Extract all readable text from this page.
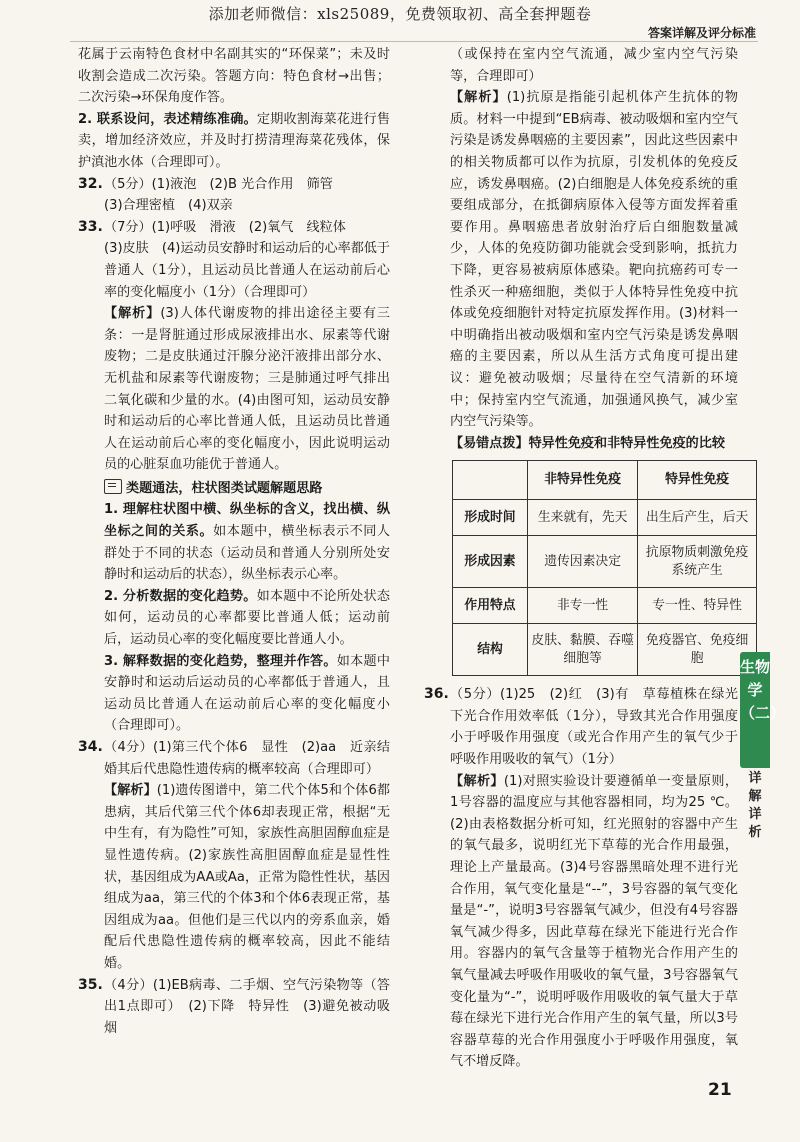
添加老师微信：xls25089，免费领取初、高全套押题卷
答案详解及评分标准

花属于云南特色食材中名副其实的“环保菜”；未及时收割会造成二次污染。答题方向：特色食材→出售；二次污染→环保角度作答。

2. 联系设问，表述精练准确。定期收割海菜花进行售卖，增加经济效应，并及时打捞清理海菜花残体，保护滇池水体（合理即可）。

32. （5分）(1)液泡　(2)B 光合作用　筛管

(3)合理密植　(4)双亲

33. （7分）(1)呼吸　滑液　(2)氧气　线粒体

(3)皮肤　(4)运动员安静时和运动后的心率都低于普通人（1分），且运动员比普通人在运动前后心率的变化幅度小（1分）（合理即可）

【解析】(3)人体代谢废物的排出途径主要有三条：一是肾脏通过形成尿液排出水、尿素等代谢废物；二是皮肤通过汗腺分泌汗液排出部分水、无机盐和尿素等代谢废物；三是肺通过呼气排出二氧化碳和少量的水。(4)由图可知，运动员安静时和运动后的心率比普通人低，且运动员比普通人在运动前后心率的变化幅度小，因此说明运动员的心脏泵血功能优于普通人。

类题通法，柱状图类试题解题思路

1. 理解柱状图中横、纵坐标的含义，找出横、纵坐标之间的关系。如本题中，横坐标表示不同人群处于不同的状态（运动员和普通人分别所处安静时和运动后的状态），纵坐标表示心率。

2. 分析数据的变化趋势。如本题中不论所处状态如何，运动员的心率都要比普通人低；运动前后，运动员心率的变化幅度要比普通人小。

3. 解释数据的变化趋势，整理并作答。如本题中安静时和运动后运动员的心率都低于普通人，且运动员比普通人在运动前后心率的变化幅度小（合理即可）。

34. （4分）(1)第三代个体6　显性　(2)aa　近亲结婚其后代患隐性遗传病的概率较高（合理即可）

【解析】(1)遗传图谱中，第二代个体5和个体6都患病，其后代第三代个体6却表现正常，根据“无中生有，有为隐性”可知，家族性高胆固醇血症是显性遗传病。(2)家族性高胆固醇血症是显性性状，基因组成为AA或Aa，正常为隐性性状，基因组成为aa，第三代的个体3和个体6表现正常，基因组成为aa。但他们是三代以内的旁系血亲，婚配后代患隐性遗传病的概率较高，因此不能结婚。

35. （4分）(1)EB病毒、二手烟、空气污染物等（答出1点即可）　(2)下降　特异性　(3)避免被动吸烟

（或保持在室内空气流通，减少室内空气污染等，合理即可）

【解析】(1)抗原是指能引起机体产生抗体的物质。材料一中提到“EB病毒、被动吸烟和室内空气污染是诱发鼻咽癌的主要因素”，因此这些因素中的相关物质都可以作为抗原，引发机体的免疫反应，诱发鼻咽癌。(2)白细胞是人体免疫系统的重要组成部分，在抵御病原体入侵等方面发挥着重要作用。鼻咽癌患者放射治疗后白细胞数量减少，人体的免疫防御功能就会受到影响，抵抗力下降，更容易被病原体感染。靶向抗癌药可专一性杀灭一种癌细胞，类似于人体特异性免疫中抗体或免疫细胞针对特定抗原发挥作用。(3)材料一中明确指出被动吸烟和室内空气污染是诱发鼻咽癌的主要因素，所以从生活方式角度可提出建议：避免被动吸烟；尽量待在空气清新的环境中；保持室内空气流通，加强通风换气，减少室内空气污染等。

【易错点拨】特异性免疫和非特异性免疫的比较

	非特异性免疫	特异性免疫
形成时间	生来就有，先天	出生后产生，后天
形成因素	遗传因素决定	抗原物质刺激免疫系统产生
作用特点	非专一性	专一性、特异性
结构	皮肤、黏膜、吞噬细胞等	免疫器官、免疫细胞
36. （5分）(1)25　(2)红　(3)有　草莓植株在绿光下光合作用效率低（1分），导致其光合作用强度小于呼吸作用强度（或光合作用产生的氧气少于呼吸作用吸收的氧气）（1分）

【解析】(1)对照实验设计要遵循单一变量原则，1号容器的温度应与其他容器相同，均为25 ℃。(2)由表格数据分析可知，红光照射的容器中产生的氧气最多，说明红光下草莓的光合作用最强，理论上产量最高。(3)4号容器黑暗处理不进行光合作用，氧气变化量是“--”，3号容器的氧气变化量是“-”，说明3号容器氧气减少，但没有4号容器氧气减少得多，因此草莓在绿光下能进行光合作用。容器内的氧气含量等于植物光合作用产生的氧气量减去呼吸作用吸收的氧气量，3号容器氧气变化量为“-”，说明呼吸作用吸收的氧气量大于草莓在绿光下进行光合作用产生的氧气量，所以3号容器草莓的光合作用强度小于呼吸作用强度，氧气不增反降。

生物学（二）
详解详析
21
